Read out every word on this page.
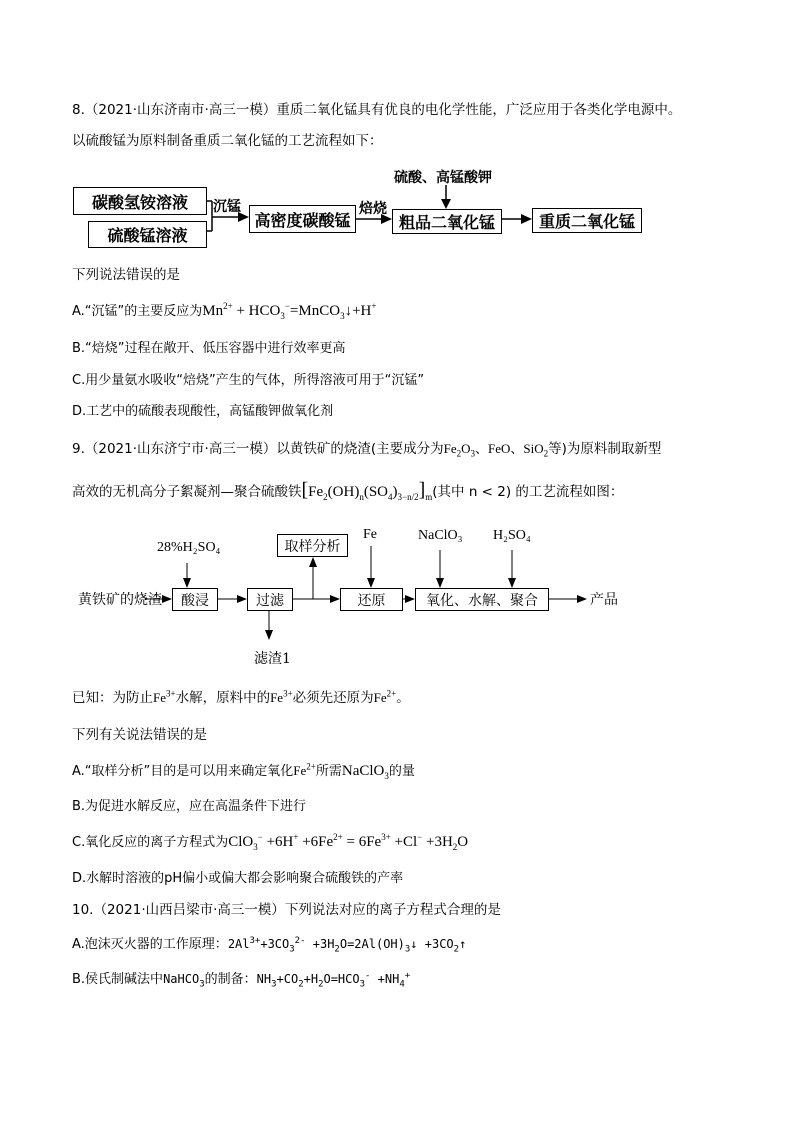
8.（2021·山东济南市·高三一模）重质二氧化锰具有优良的电化学性能，广泛应用于各类化学电源中。
以硫酸锰为原料制备重质二氧化锰的工艺流程如下：
碳酸氢铵溶液
硫酸锰溶液
沉锰
高密度碳酸锰
焙烧
硫酸、高锰酸钾
粗品二氧化锰	重质二氧化锰
下列说法错误的是
A.“沉锰”的主要反应为$Mn^{2+}$ + $HCO_3^-=MnCO_3↓+H^+$
B.“焙烧”过程在敞开、低压容器中进行效率更高
C.用少量氨水吸收“焙烧”产生的气体，所得溶液可用于“沉锰”
D.工艺中的硫酸表现酸性，高锰酸钾做氧化剂
9.（2021·山东济宁市·高三一模）以黄铁矿的烧渣(主要成分为$Fe_2O_3$、FeO、SiO$_2$等)为原料制取新型
高效的无机高分子絮凝剂—聚合硫酸铁$[Fe_2(OH)_n(SO_4)_{3-n/2}]_m$(其中 n < 2) 的工艺流程如图：
28%H₂SO₄
Fe	NaClO₃ H₂SO₄
取样分析
黄铁矿的烧渣	酸浸	过滤	还原	氧化、水解、聚合	产品
滤渣1
已知：为防止$Fe^{3+}$水解，原料中的$Fe^{3+}$必须先还原为$Fe^{2+}$。
下列有关说法错误的是
A.“取样分析”目的是可以用来确定氧化$Fe^{2+}$所需NaClO$_3$的量
B.为促进水解反应，应在高温条件下进行
C.氧化反应的离子方程式为$ClO_3^- +6H^+ +6Fe^{2+} = 6Fe^{3+} +Cl^- +3H_2O$
D.水解时溶液的pH偏小或偏大都会影响聚合硫酸铁的产率
10.（2021·山西吕梁市·高三一模）下列说法对应的离子方程式合理的是
A.泡沫灭火器的工作原理：$2Al^{3+}+3CO_3^{2-}$ $+3H_2O=2Al(OH)_3↓$ $+3CO_2↑$
B.侯氏制碱法中NaHCO$_3$的制备：$NH_3+CO_2+H_2O=HCO_3^- +NH_4^+$
